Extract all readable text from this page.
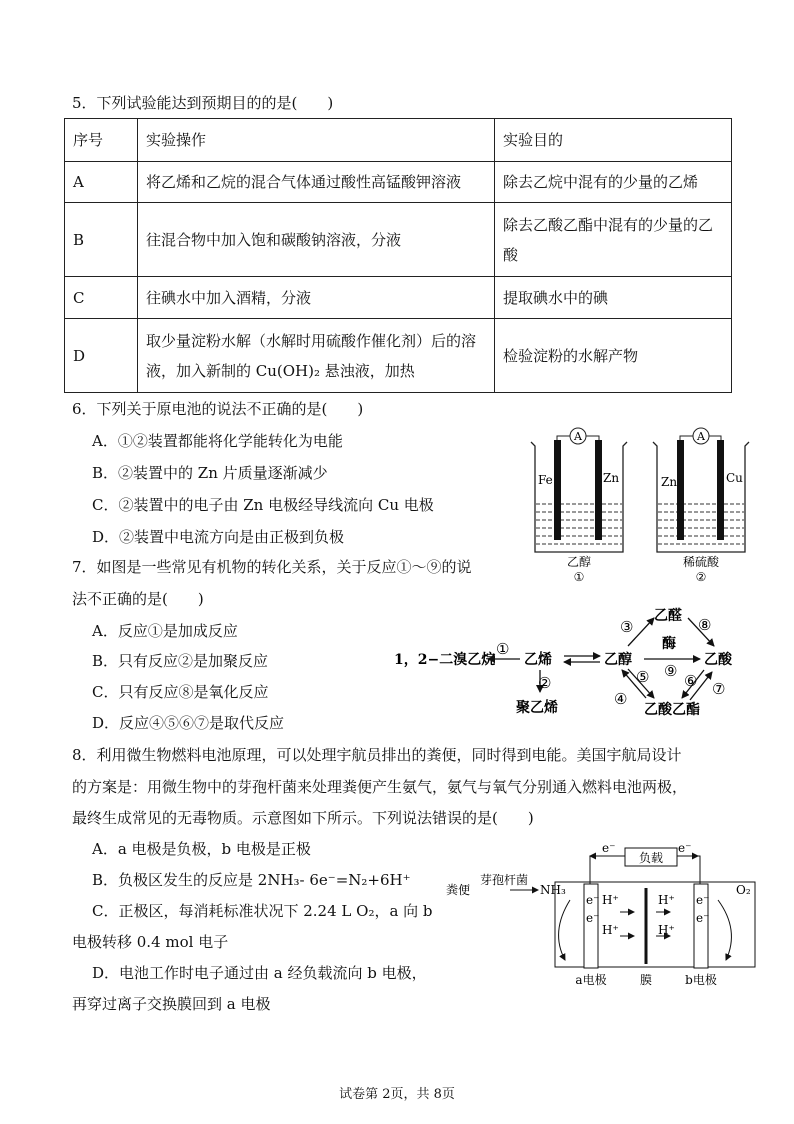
5．下列试验能达到预期目的的是(　　)
序号	实验操作	实验目的
A	将乙烯和乙烷的混合气体通过酸性高锰酸钾溶液	除去乙烷中混有的少量的乙烯
B	往混合物中加入饱和碳酸钠溶液，分液	除去乙酸乙酯中混有的少量的乙酸
C	往碘水中加入酒精，分液	提取碘水中的碘
D	取少量淀粉水解（水解时用硫酸作催化剂）后的溶液，加入新制的 Cu(OH)₂ 悬浊液，加热	检验淀粉的水解产物
6．下列关于原电池的说法不正确的是(　　)
A．①②装置都能将化学能转化为电能
B．②装置中的 Zn 片质量逐渐减少
C．②装置中的电子由 Zn 电极经导线流向 Cu 电极
D．②装置中电流方向是由正极到负极
A
Fe	Zn
乙醇
①
A
Zn	Cu
稀硫酸
②
7．如图是一些常见有机物的转化关系，关于反应①～⑨的说
法不正确的是(　　)
A．反应①是加成反应
B．只有反应②是加聚反应
C．只有反应⑧是氧化反应
D．反应④⑤⑥⑦是取代反应
1，2−二溴乙烷 乙烯	乙醇
乙醛
乙酸
乙酸乙酯
聚乙烯
酶
①
②
③
④
⑤ ⑥ ⑦
⑧
⑨
8．利用微生物燃料电池原理，可以处理宇航员排出的粪便，同时得到电能。美国宇航局设计
的方案是：用微生物中的芽孢杆菌来处理粪便产生氨气，氨气与氧气分别通入燃料电池两极，
最终生成常见的无毒物质。示意图如下所示。下列说法错误的是(　　)
A．a 电极是负极，b 电极是正极
B．负极区发生的反应是 2NH₃- 6e⁻=N₂+6H⁺
C．正极区，每消耗标准状况下 2.24 L O₂，a 向 b
电极转移 0.4 mol 电子
D．电池工作时电子通过由 a 经负载流向 b 电极，
再穿过离子交换膜回到 a 电极
负载
e⁻	e⁻
粪便
芽孢杆菌
NH₃	O₂
e⁻
e⁻
e⁻
e⁻
H⁺
H⁺
H⁺
H⁺
a电极	膜	b电极
试卷第 2页，共 8页
